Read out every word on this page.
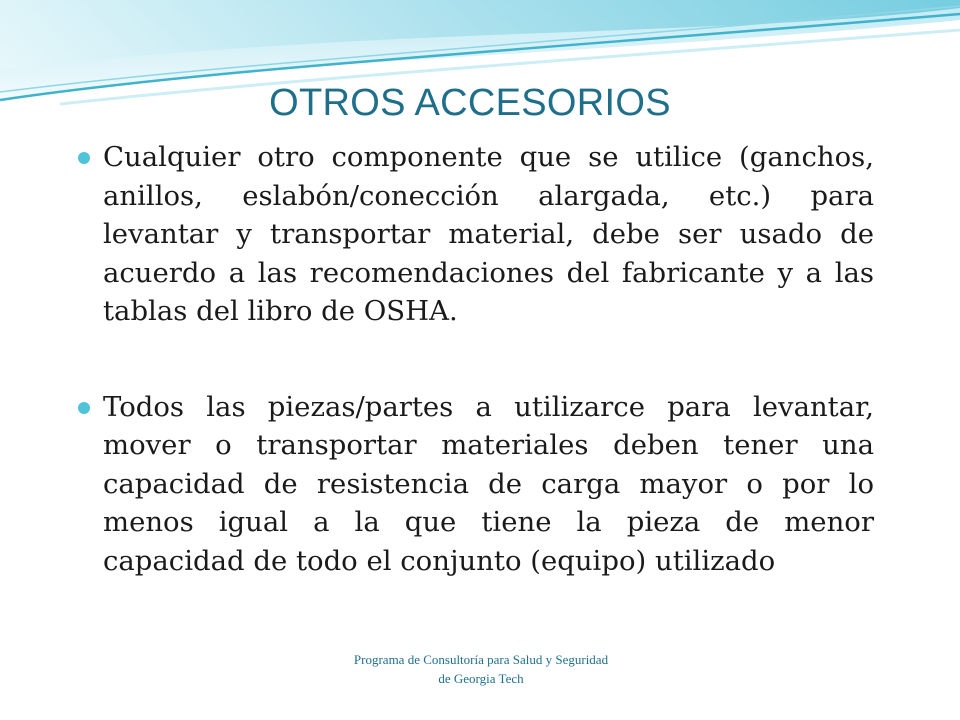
OTROS ACCESORIOS
Cualquier otro componente que se utilice (ganchos, anillos, eslabón/conección alargada, etc.) para levantar y transportar material, debe ser usado de acuerdo a las recomendaciones del fabricante y a las tablas del libro de OSHA.
Todos las piezas/partes a utilizarce para levantar, mover o transportar materiales deben tener una capacidad de resistencia de carga mayor o por lo menos igual a la que tiene la pieza de menor capacidad de todo el conjunto (equipo) utilizado
Programa de Consultoría para Salud y Seguridad
de Georgia Tech
